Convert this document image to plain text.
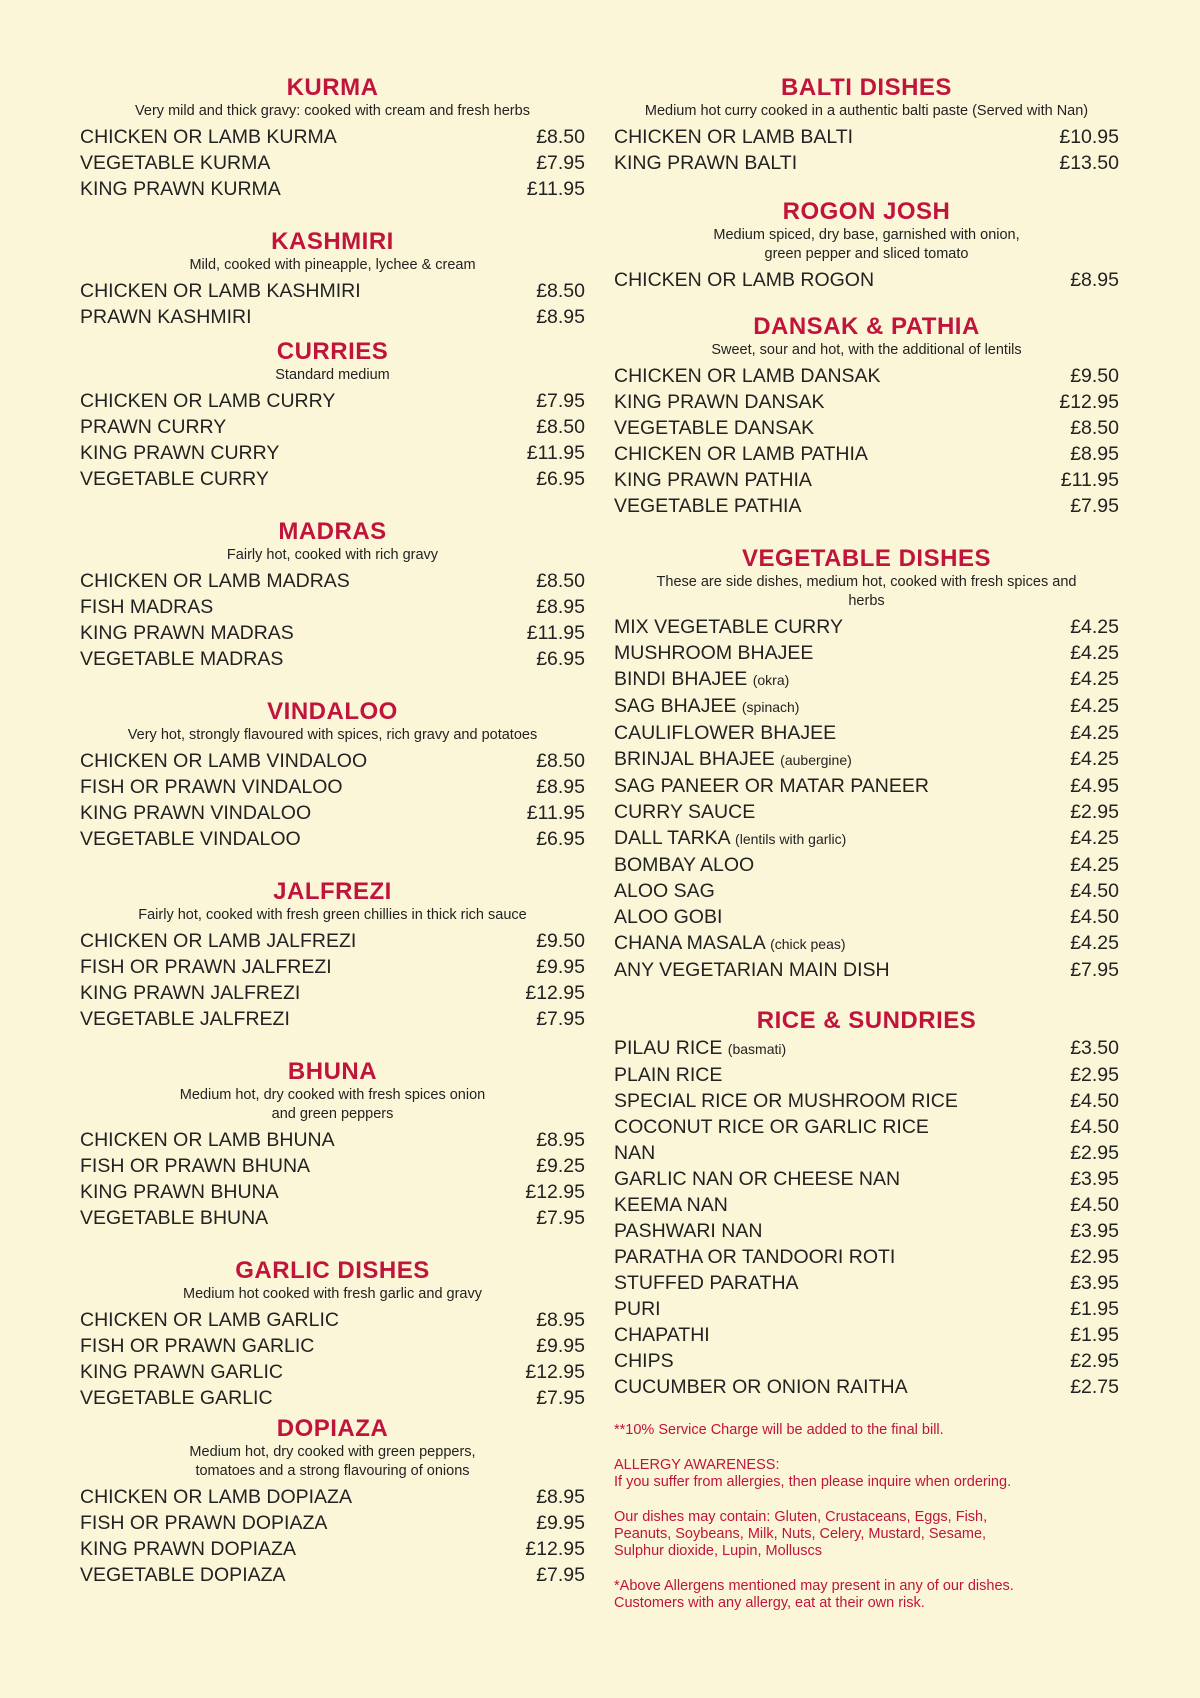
KURMA
Very mild and thick gravy: cooked with cream and fresh herbs
CHICKEN OR LAMB KURMA	£8.50
VEGETABLE KURMA	£7.95
KING PRAWN KURMA	£11.95
KASHMIRI
Mild, cooked with pineapple, lychee & cream
CHICKEN OR LAMB KASHMIRI	£8.50
PRAWN KASHMIRI	£8.95
CURRIES
Standard medium
CHICKEN OR LAMB CURRY	£7.95
PRAWN CURRY	£8.50
KING PRAWN CURRY	£11.95
VEGETABLE CURRY	£6.95
MADRAS
Fairly hot, cooked with rich gravy
CHICKEN OR LAMB MADRAS	£8.50
FISH MADRAS	£8.95
KING PRAWN MADRAS	£11.95
VEGETABLE MADRAS	£6.95
VINDALOO
Very hot, strongly flavoured with spices, rich gravy and potatoes
CHICKEN OR LAMB VINDALOO	£8.50
FISH OR PRAWN VINDALOO	£8.95
KING PRAWN VINDALOO	£11.95
VEGETABLE VINDALOO	£6.95
JALFREZI
Fairly hot, cooked with fresh green chillies in thick rich sauce
CHICKEN OR LAMB JALFREZI	£9.50
FISH OR PRAWN JALFREZI	£9.95
KING PRAWN JALFREZI	£12.95
VEGETABLE JALFREZI	£7.95
BHUNA
Medium hot, dry cooked with fresh spices onion
and green peppers
CHICKEN OR LAMB BHUNA	£8.95
FISH OR PRAWN BHUNA	£9.25
KING PRAWN BHUNA	£12.95
VEGETABLE BHUNA	£7.95
GARLIC DISHES
Medium hot cooked with fresh garlic and gravy
CHICKEN OR LAMB GARLIC	£8.95
FISH OR PRAWN GARLIC	£9.95
KING PRAWN GARLIC	£12.95
VEGETABLE GARLIC	£7.95
DOPIAZA
Medium hot, dry cooked with green peppers,
tomatoes and a strong flavouring of onions
CHICKEN OR LAMB DOPIAZA	£8.95
FISH OR PRAWN DOPIAZA	£9.95
KING PRAWN DOPIAZA	£12.95
VEGETABLE DOPIAZA	£7.95
BALTI DISHES
Medium hot curry cooked in a authentic balti paste (Served with Nan)
CHICKEN OR LAMB BALTI	£10.95
KING PRAWN BALTI	£13.50
ROGON JOSH
Medium spiced, dry base, garnished with onion,
green pepper and sliced tomato
CHICKEN OR LAMB ROGON	£8.95
DANSAK & PATHIA
Sweet, sour and hot, with the additional of lentils
CHICKEN OR LAMB DANSAK	£9.50
KING PRAWN DANSAK	£12.95
VEGETABLE DANSAK	£8.50
CHICKEN OR LAMB PATHIA	£8.95
KING PRAWN PATHIA	£11.95
VEGETABLE PATHIA	£7.95
VEGETABLE DISHES
These are side dishes, medium hot, cooked with fresh spices and
herbs
MIX VEGETABLE CURRY	£4.25
MUSHROOM BHAJEE	£4.25
BINDI BHAJEE (okra)	£4.25
SAG BHAJEE (spinach)	£4.25
CAULIFLOWER BHAJEE	£4.25
BRINJAL BHAJEE (aubergine)	£4.25
SAG PANEER OR MATAR PANEER	£4.95
CURRY SAUCE	£2.95
DALL TARKA (lentils with garlic)	£4.25
BOMBAY ALOO	£4.25
ALOO SAG	£4.50
ALOO GOBI	£4.50
CHANA MASALA (chick peas)	£4.25
ANY VEGETARIAN MAIN DISH	£7.95
RICE & SUNDRIES
PILAU RICE (basmati)	£3.50
PLAIN RICE	£2.95
SPECIAL RICE OR MUSHROOM RICE	£4.50
COCONUT RICE OR GARLIC RICE	£4.50
NAN	£2.95
GARLIC NAN OR CHEESE NAN	£3.95
KEEMA NAN	£4.50
PASHWARI NAN	£3.95
PARATHA OR TANDOORI ROTI	£2.95
STUFFED PARATHA	£3.95
PURI	£1.95
CHAPATHI	£1.95
CHIPS	£2.95
CUCUMBER OR ONION RAITHA	£2.75

**10% Service Charge will be added to the final bill.

ALLERGY AWARENESS:
If you suffer from allergies, then please inquire when ordering.

Our dishes may contain: Gluten, Crustaceans, Eggs, Fish,
Peanuts, Soybeans, Milk, Nuts, Celery, Mustard, Sesame,
Sulphur dioxide, Lupin, Molluscs

*Above Allergens mentioned may present in any of our dishes.
Customers with any allergy, eat at their own risk.
